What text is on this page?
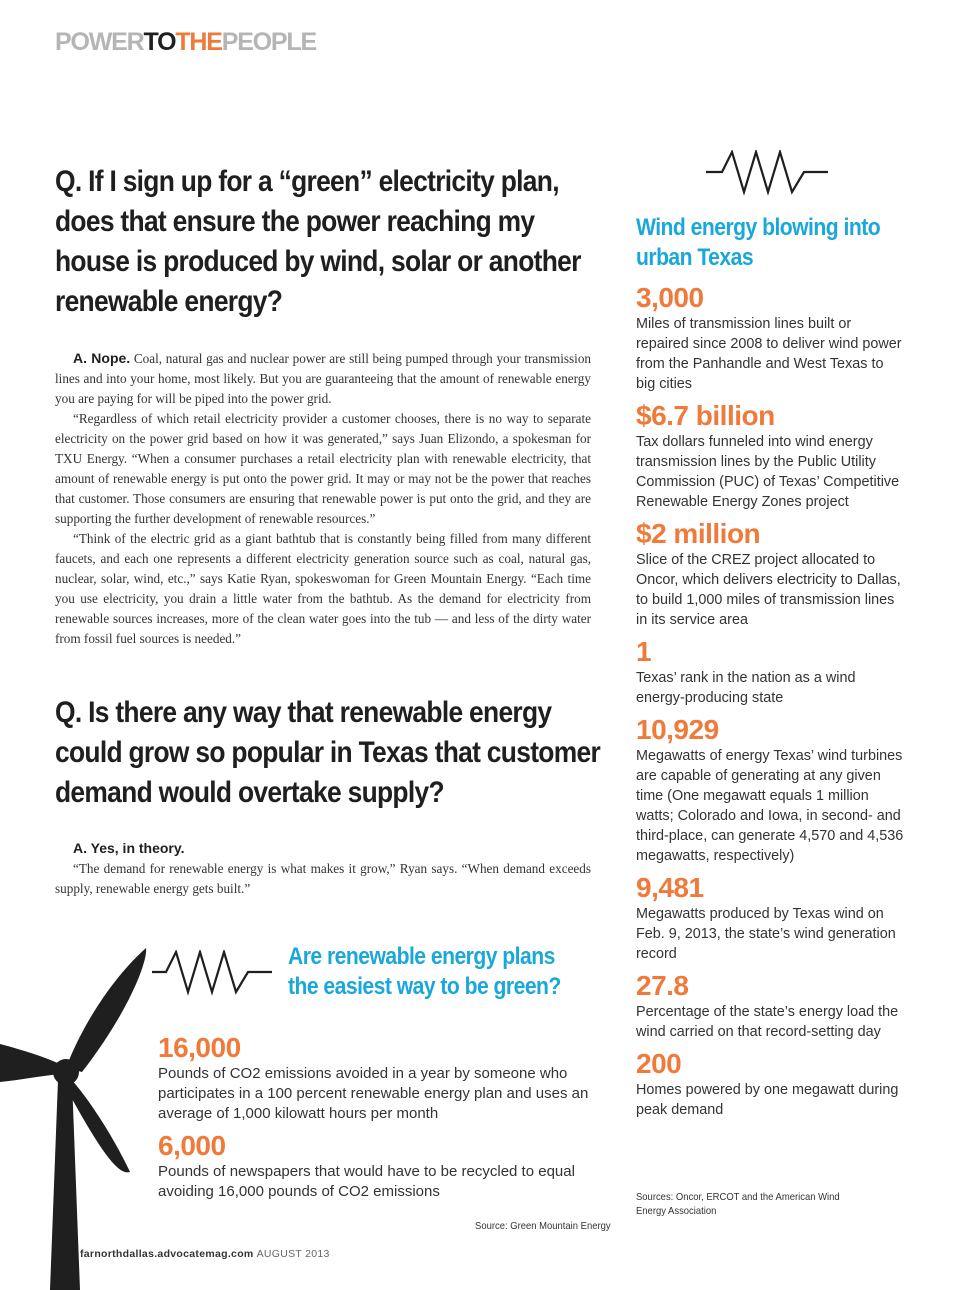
POWERTOTHEPEOPLE
Q. If I sign up for a “green” electricity plan, does that ensure the power reaching my house is produced by wind, solar or another renewable energy?

A. Nope. Coal, natural gas and nuclear power are still being pumped through your transmission lines and into your home, most likely. But you are guaranteeing that the amount of renewable energy you are paying for will be piped into the power grid.

“Regardless of which retail electricity provider a customer chooses, there is no way to separate electricity on the power grid based on how it was generated,” says Juan Elizondo, a spokesman for TXU Energy. “When a consumer purchases a retail electricity plan with renewable electricity, that amount of renewable energy is put onto the power grid. It may or may not be the power that reaches that customer. Those consumers are ensuring that renewable power is put onto the grid, and they are supporting the further development of renewable resources.”

“Think of the electric grid as a giant bathtub that is constantly being filled from many different faucets, and each one represents a different electricity generation source such as coal, natural gas, nuclear, solar, wind, etc.,” says Katie Ryan, spokeswoman for Green Mountain Energy. “Each time you use electricity, you drain a little water from the bathtub. As the demand for electricity from renewable sources increases, more of the clean water goes into the tub — and less of the dirty water from fossil fuel sources is needed.”

Q. Is there any way that renewable energy could grow so popular in Texas that customer demand would overtake supply?

A. Yes, in theory.

“The demand for renewable energy is what makes it grow,” Ryan says. “When demand exceeds supply, renewable energy gets built.”

Wind energy blowing into urban Texas
3,000
Miles of transmission lines built or repaired since 2008 to deliver wind power from the Panhandle and West Texas to big cities
$6.7 billion
Tax dollars funneled into wind energy transmission lines by the Public Utility Commission (PUC) of Texas’ Competitive Renewable Energy Zones project
$2 million
Slice of the CREZ project allocated to Oncor, which delivers electricity to Dallas, to build 1,000 miles of transmission lines in its service area
1
Texas’ rank in the nation as a wind energy-producing state
10,929
Megawatts of energy Texas’ wind turbines are capable of generating at any given time (One megawatt equals 1 million watts; Colorado and Iowa, in second- and third-place, can generate 4,570 and 4,536 megawatts, respectively)
9,481
Megawatts produced by Texas wind on Feb. 9, 2013, the state’s wind generation record
27.8
Percentage of the state’s energy load the wind carried on that record-setting day
200
Homes powered by one megawatt during peak demand
Sources: Oncor, ERCOT and the American Wind Energy Association
Are renewable energy plans the easiest way to be green?
16,000
Pounds of CO2 emissions avoided in a year by someone who participates in a 100 percent renewable energy plan and uses an average of 1,000 kilowatt hours per month
6,000
Pounds of newspapers that would have to be recycled to equal avoiding 16,000 pounds of CO2 emissions
Source: Green Mountain Energy
farnorthdallas.advocatemag.com AUGUST 2013
